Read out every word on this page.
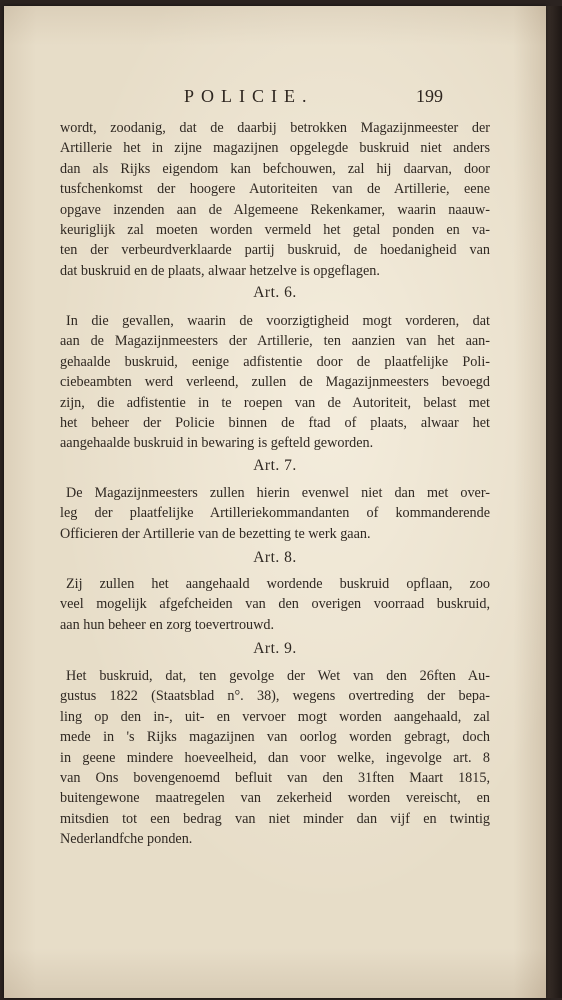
POLICIE.	199
wordt, zoodanig, dat de daarbij betrokken Magazijnmeester der
Artillerie het in zijne magazijnen opgelegde buskruid niet anders
dan als Rijks eigendom kan befchouwen, zal hij daarvan, door
tusfchenkomst der hoogere Autoriteiten van de Artillerie, eene
opgave inzenden aan de Algemeene Rekenkamer, waarin naauw-
keuriglijk zal moeten worden vermeld het getal ponden en va-
ten der verbeurdverklaarde partij buskruid, de hoedanigheid van
dat buskruid en de plaats, alwaar hetzelve is opgeflagen.
Art. 6.
In die gevallen, waarin de voorzigtigheid mogt vorderen, dat
aan de Magazijnmeesters der Artillerie, ten aanzien van het aan-
gehaalde buskruid, eenige adfistentie door de plaatfelijke Poli-
ciebeambten werd verleend, zullen de Magazijnmeesters bevoegd
zijn, die adfistentie in te roepen van de Autoriteit, belast met
het beheer der Policie binnen de ftad of plaats, alwaar het
aangehaalde buskruid in bewaring is gefteld geworden.
Art. 7.
De Magazijnmeesters zullen hierin evenwel niet dan met over-
leg der plaatfelijke Artilleriekommandanten of kommanderende
Officieren der Artillerie van de bezetting te werk gaan.
Art. 8.
Zij zullen het aangehaald wordende buskruid opflaan, zoo
veel mogelijk afgefcheiden van den overigen voorraad buskruid,
aan hun beheer en zorg toevertrouwd.
Art. 9.
Het buskruid, dat, ten gevolge der Wet van den 26ften Au-
gustus 1822 (Staatsblad n°. 38), wegens overtreding der bepa-
ling op den in-, uit- en vervoer mogt worden aangehaald, zal
mede in 's Rijks magazijnen van oorlog worden gebragt, doch
in geene mindere hoeveelheid, dan voor welke, ingevolge art. 8
van Ons bovengenoemd befluit van den 31ften Maart 1815,
buitengewone maatregelen van zekerheid worden vereischt, en
mitsdien tot een bedrag van niet minder dan vijf en twintig
Nederlandfche ponden.
